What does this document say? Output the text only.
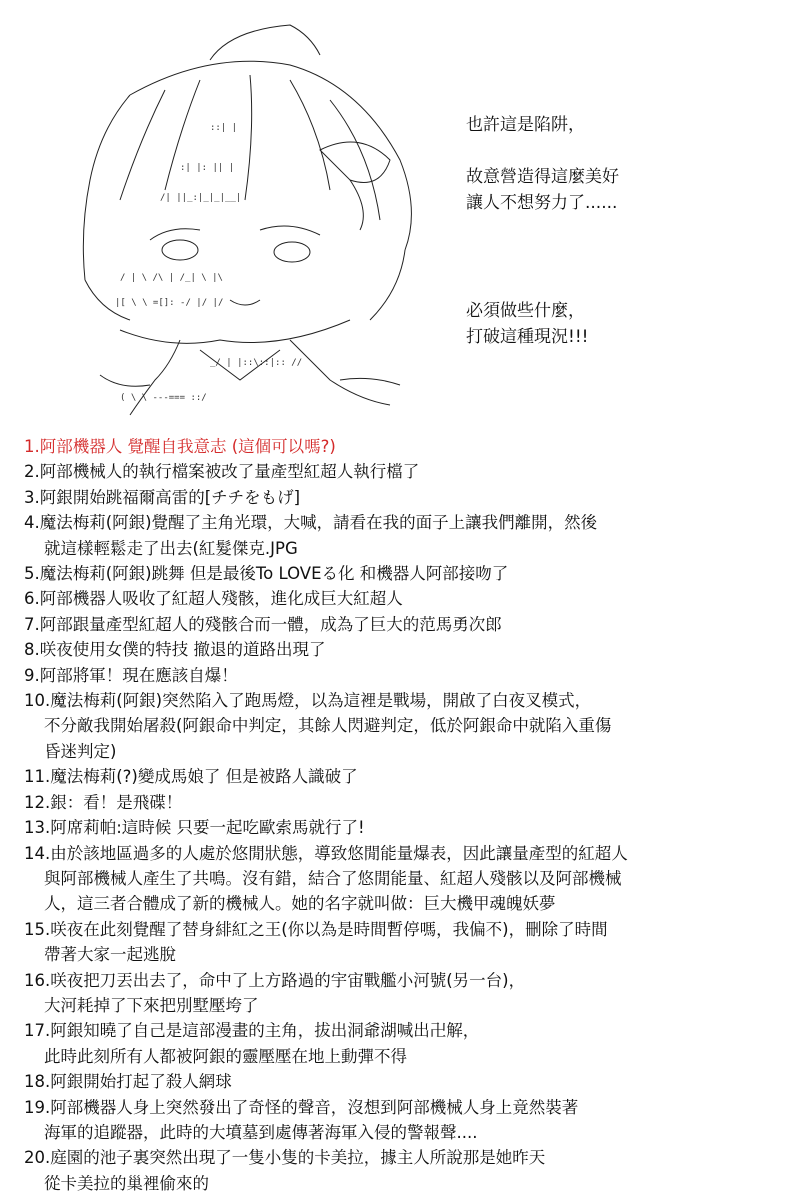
::| |
:| |: || |
/| ||_:|_|_|__|
/ | \ /\ | /_| \ |\
|[ \ \ =[]: -/ |/ |/
_/ | |::\::|:: //
( \ \ ---=== ::/
也許這是陷阱，

故意營造得這麼美好
讓人不想努力了......
必須做些什麼，
打破這種現況!!!
1.阿部機器人 覺醒自我意志 (這個可以嗎?)
2.阿部機械人的執行檔案被改了量產型紅超人執行檔了
3.阿銀開始跳福爾高雷的[チチをもげ]
4.魔法梅莉(阿銀)覺醒了主角光環，大喊，請看在我的面子上讓我們離開，然後
就這樣輕鬆走了出去(紅髮傑克.JPG
5.魔法梅莉(阿銀)跳舞 但是最後To LOVEる化 和機器人阿部接吻了
6.阿部機器人吸收了紅超人殘骸，進化成巨大紅超人
7.阿部跟量產型紅超人的殘骸合而一體，成為了巨大的范馬勇次郎
8.咲夜使用女僕的特技 撤退的道路出現了
9.阿部將軍！現在應該自爆！
10.魔法梅莉(阿銀)突然陷入了跑馬燈，以為這裡是戰場，開啟了白夜叉模式，
不分敵我開始屠殺(阿銀命中判定，其餘人閃避判定，低於阿銀命中就陷入重傷
昏迷判定)
11.魔法梅莉(?)變成馬娘了 但是被路人識破了
12.銀：看！是飛碟！
13.阿席莉帕:這時候 只要一起吃歐索馬就行了!
14.由於該地區過多的人處於悠閒狀態，導致悠閒能量爆表，因此讓量產型的紅超人
與阿部機械人產生了共鳴。沒有錯，結合了悠閒能量、紅超人殘骸以及阿部機械
人，這三者合體成了新的機械人。她的名字就叫做：巨大機甲魂魄妖夢
15.咲夜在此刻覺醒了替身緋紅之王(你以為是時間暫停嗎，我偏不)，刪除了時間
帶著大家一起逃脫
16.咲夜把刀丟出去了，命中了上方路過的宇宙戰艦小河號(另一台)，
大河耗掉了下來把別墅壓垮了
17.阿銀知曉了自己是這部漫畫的主角，拔出洞爺湖喊出卍解，
此時此刻所有人都被阿銀的靈壓壓在地上動彈不得
18.阿銀開始打起了殺人網球
19.阿部機器人身上突然發出了奇怪的聲音，沒想到阿部機械人身上竟然裝著
海軍的追蹤器，此時的大墳墓到處傳著海軍入侵的警報聲....
20.庭園的池子裏突然出現了一隻小隻的卡美拉，據主人所說那是她昨天
從卡美拉的巢裡偷來的
